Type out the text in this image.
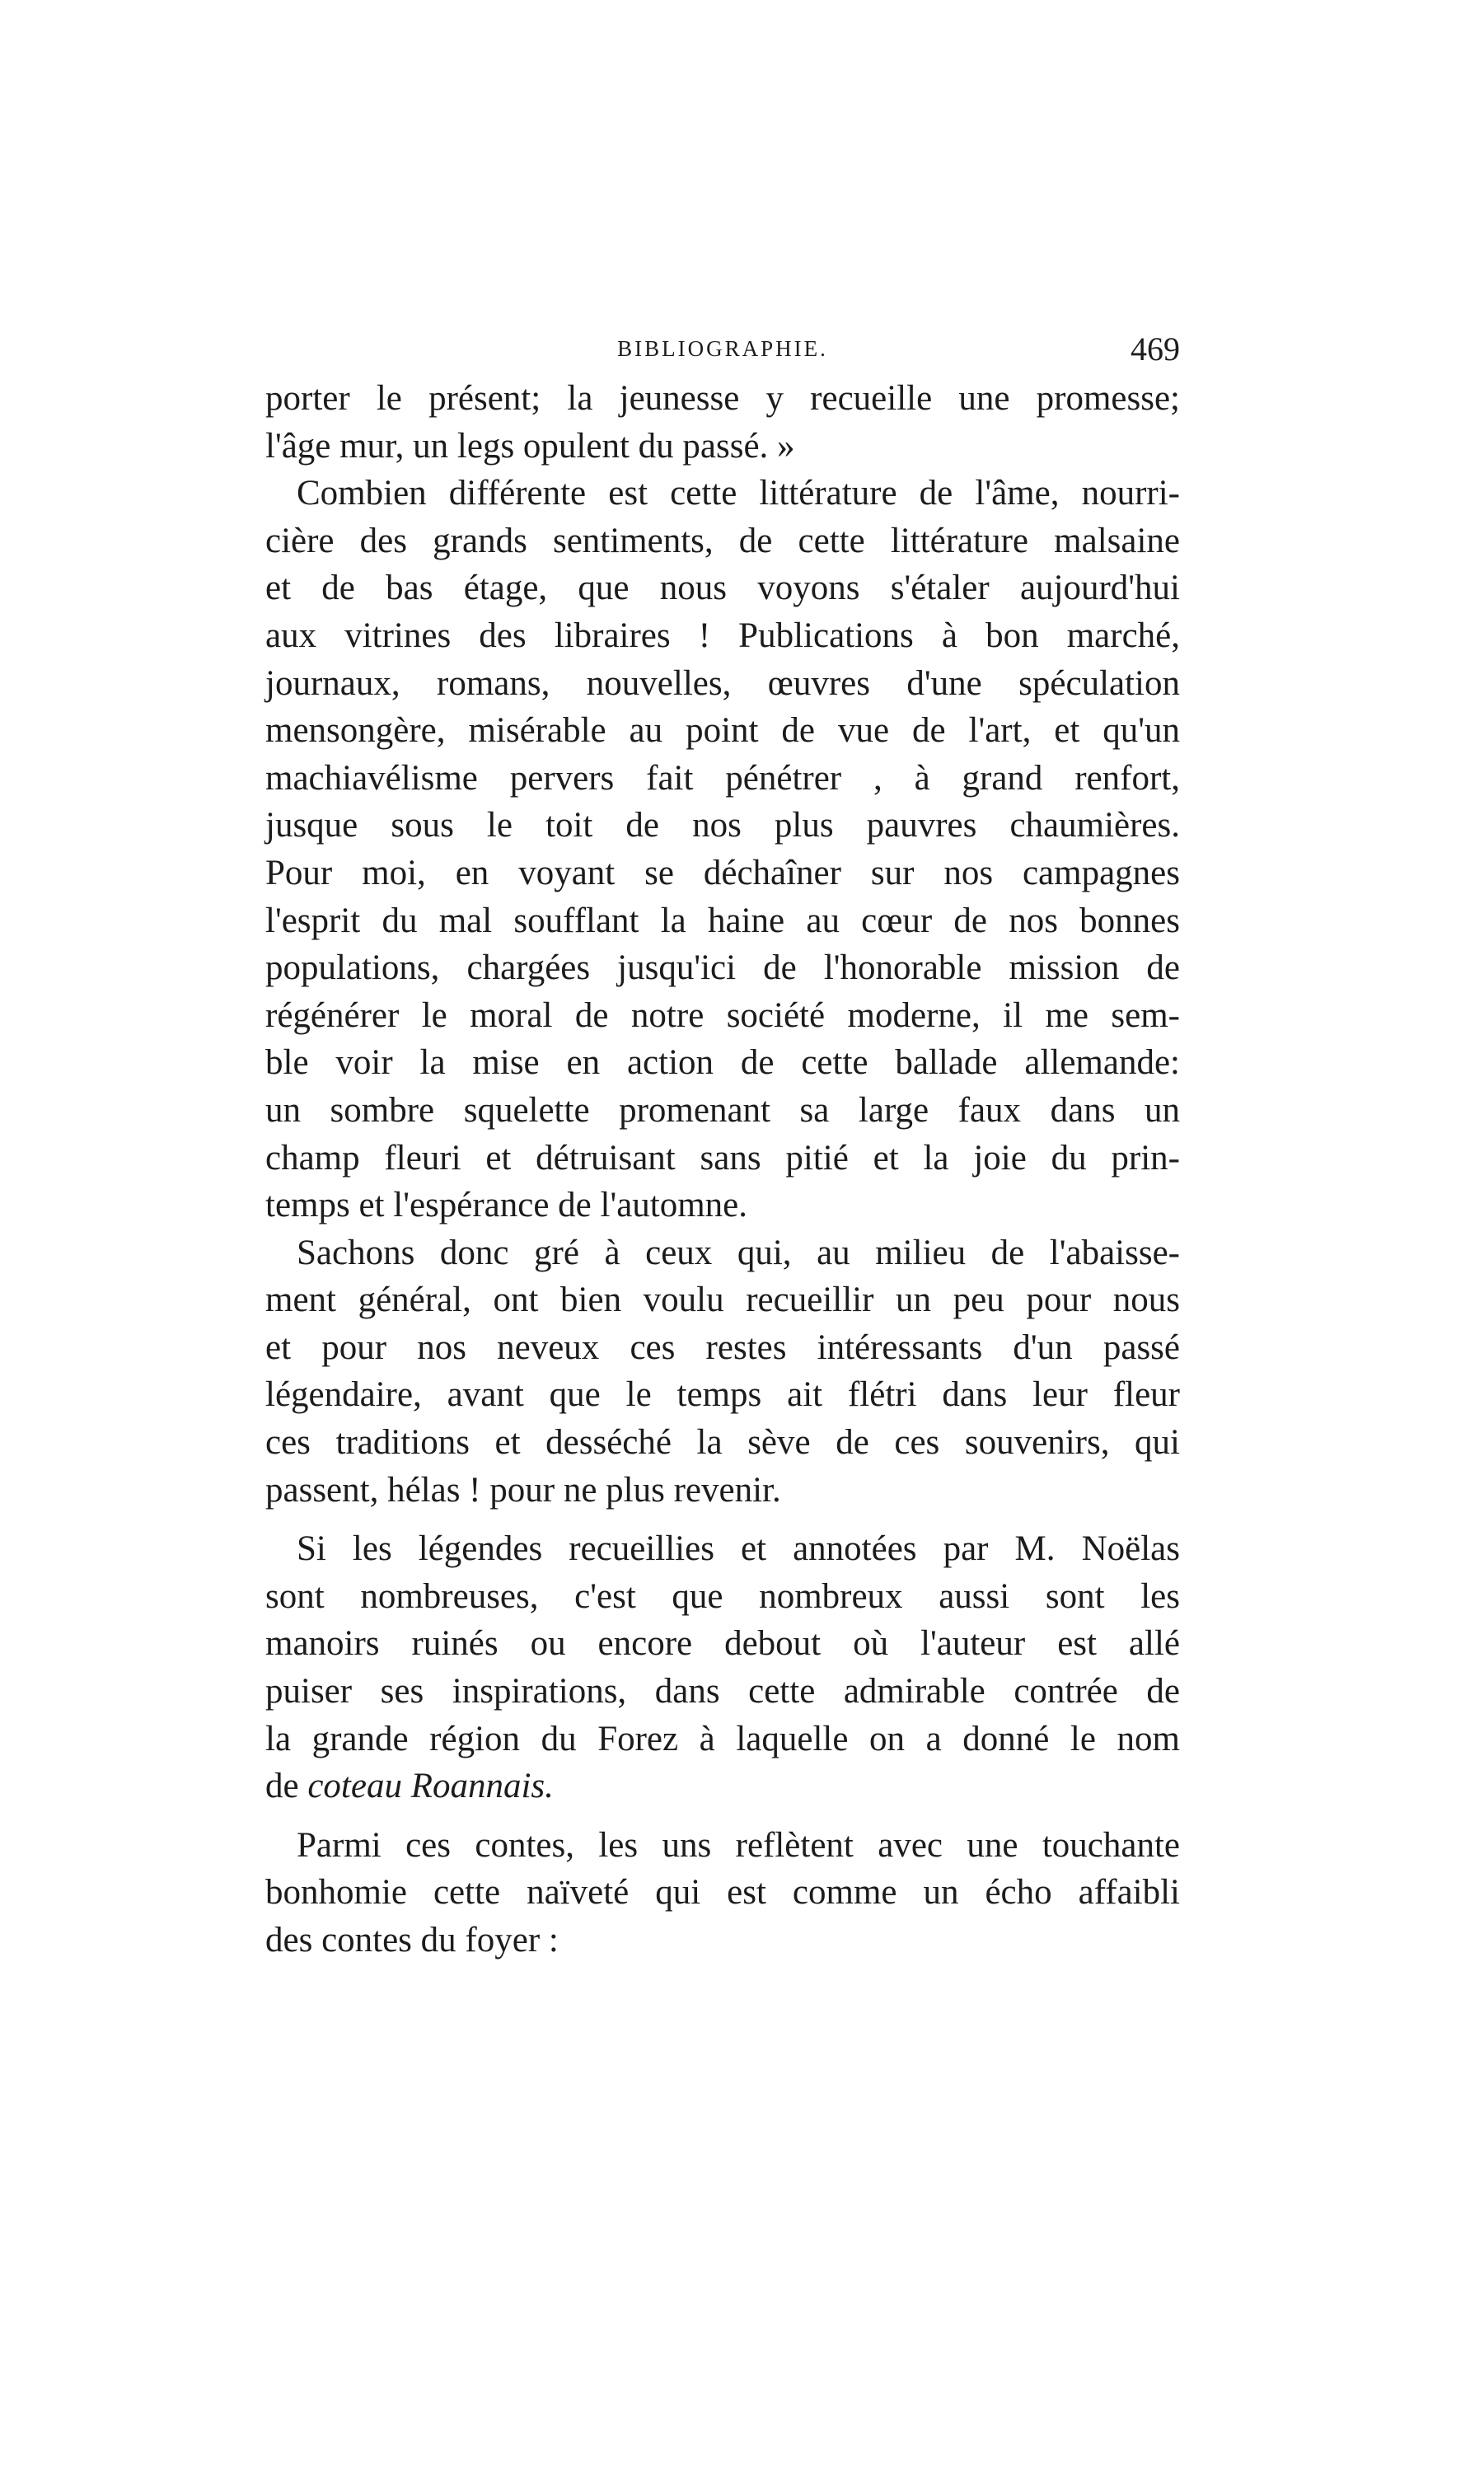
BIBLIOGRAPHIE.	469
porter le présent; la jeunesse y recueille une promesse;
l'âge mur, un legs opulent du passé. »
Combien différente est cette littérature de l'âme, nourri-
cière des grands sentiments, de cette littérature malsaine
et de bas étage, que nous voyons s'étaler aujourd'hui
aux vitrines des libraires ! Publications à bon marché,
journaux, romans, nouvelles, œuvres d'une spéculation
mensongère, misérable au point de vue de l'art, et qu'un
machiavélisme pervers fait pénétrer , à grand renfort,
jusque sous le toit de nos plus pauvres chaumières.
Pour moi, en voyant se déchaîner sur nos campagnes
l'esprit du mal soufflant la haine au cœur de nos bonnes
populations, chargées jusqu'ici de l'honorable mission de
régénérer le moral de notre société moderne, il me sem-
ble voir la mise en action de cette ballade allemande:
un sombre squelette promenant sa large faux dans un
champ fleuri et détruisant sans pitié et la joie du prin-
temps et l'espérance de l'automne.
Sachons donc gré à ceux qui, au milieu de l'abaisse-
ment général, ont bien voulu recueillir un peu pour nous
et pour nos neveux ces restes intéressants d'un passé
légendaire, avant que le temps ait flétri dans leur fleur
ces traditions et desséché la sève de ces souvenirs, qui
passent, hélas ! pour ne plus revenir.
Si les légendes recueillies et annotées par M. Noëlas
sont nombreuses, c'est que nombreux aussi sont les
manoirs ruinés ou encore debout où l'auteur est allé
puiser ses inspirations, dans cette admirable contrée de
la grande région du Forez à laquelle on a donné le nom
de coteau Roannais.
Parmi ces contes, les uns reflètent avec une touchante
bonhomie cette naïveté qui est comme un écho affaibli
des contes du foyer :
